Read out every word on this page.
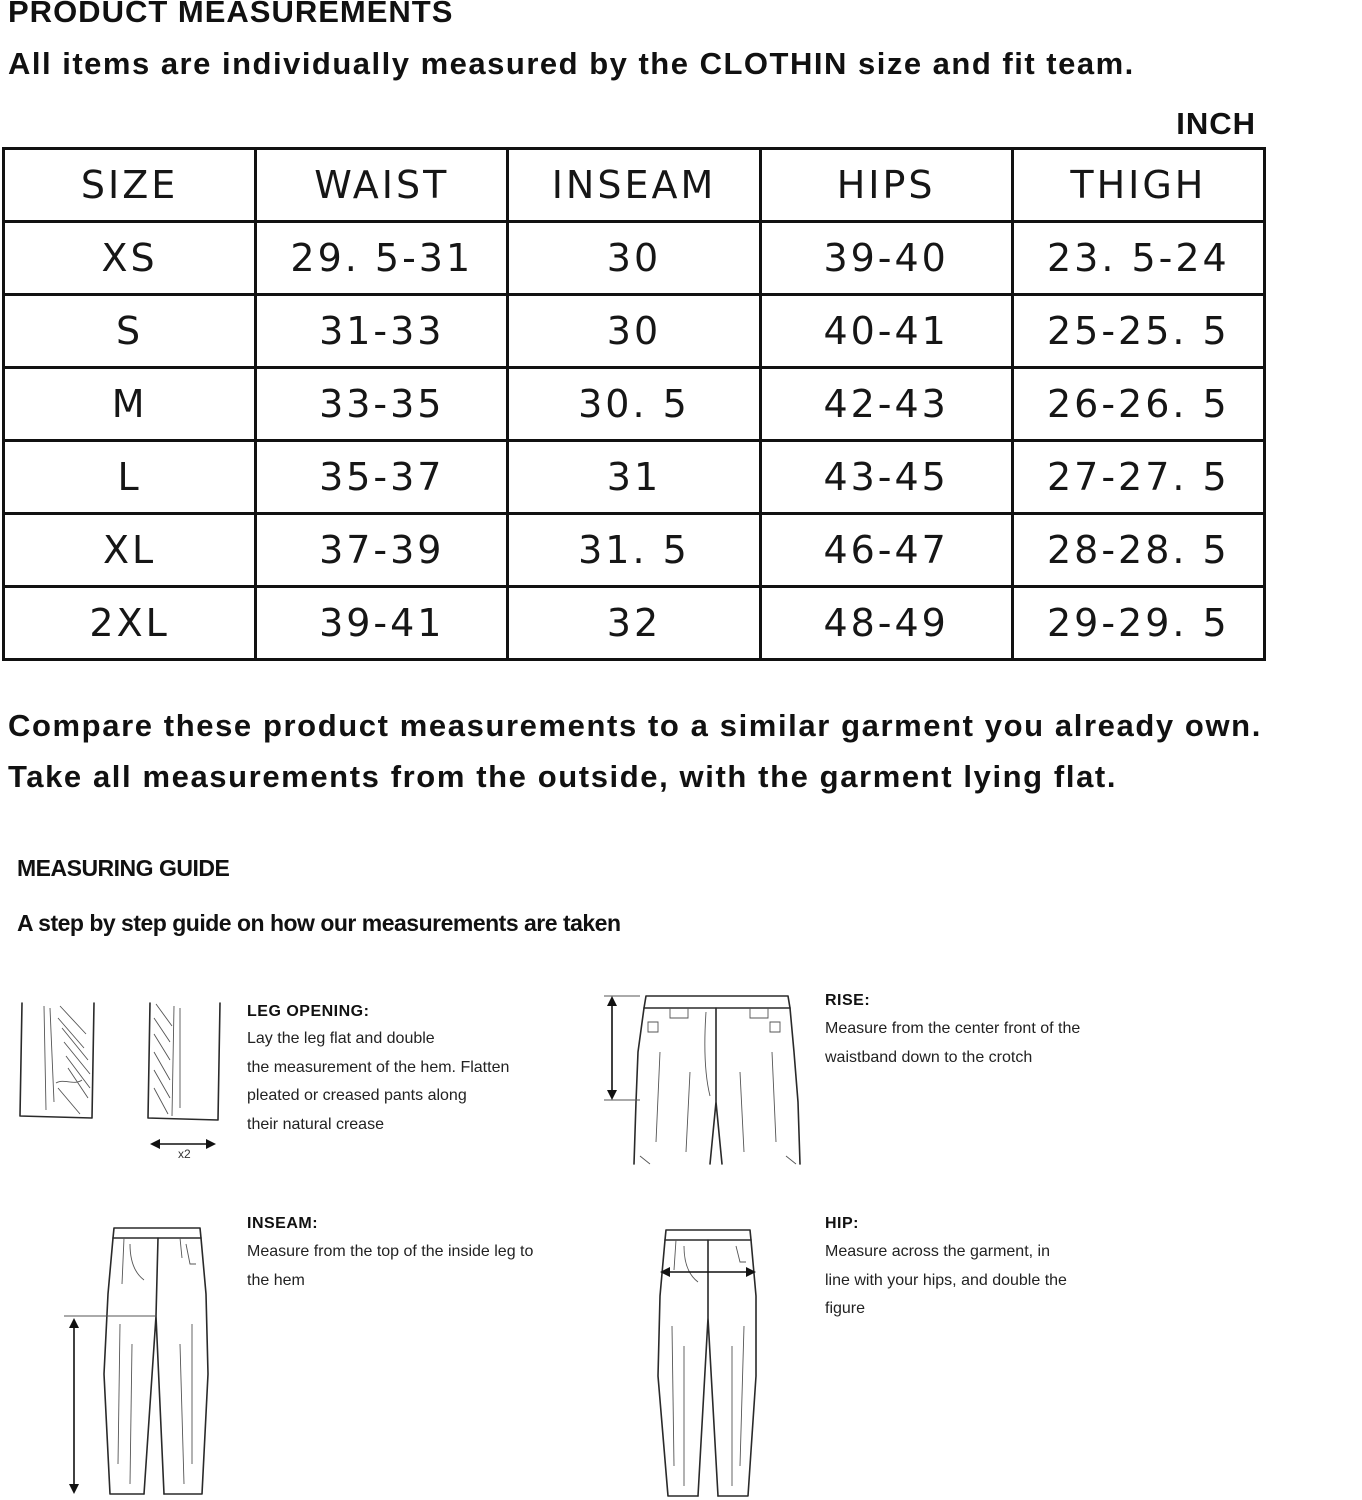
PRODUCT MEASUREMENTS

All items are individually measured by the CLOTHIN size and fit team.

INCH

SIZE	WAIST	INSEAM	HIPS	THIGH
XS	29. 5-31	30	39-40	23. 5-24
S	31-33	30	40-41	25-25. 5
M	33-35	30. 5	42-43	26-26. 5
L	35-37	31	43-45	27-27. 5
XL	37-39	31. 5	46-47	28-28. 5
2XL	39-41	32	48-49	29-29. 5

Compare these product measurements to a similar garment you already own.

Take all measurements from the outside, with the garment lying flat.

MEASURING GUIDE

A step by step guide on how our measurements are taken

x2

LEG OPENING:

Lay the leg flat and double
the measurement of the hem. Flatten
pleated or creased pants along
their natural crease

RISE:

Measure from the center front of the
waistband down to the crotch

INSEAM:

Measure from the top of the inside leg to
the hem

HIP:

Measure across the garment, in
line with your hips, and double the
figure
